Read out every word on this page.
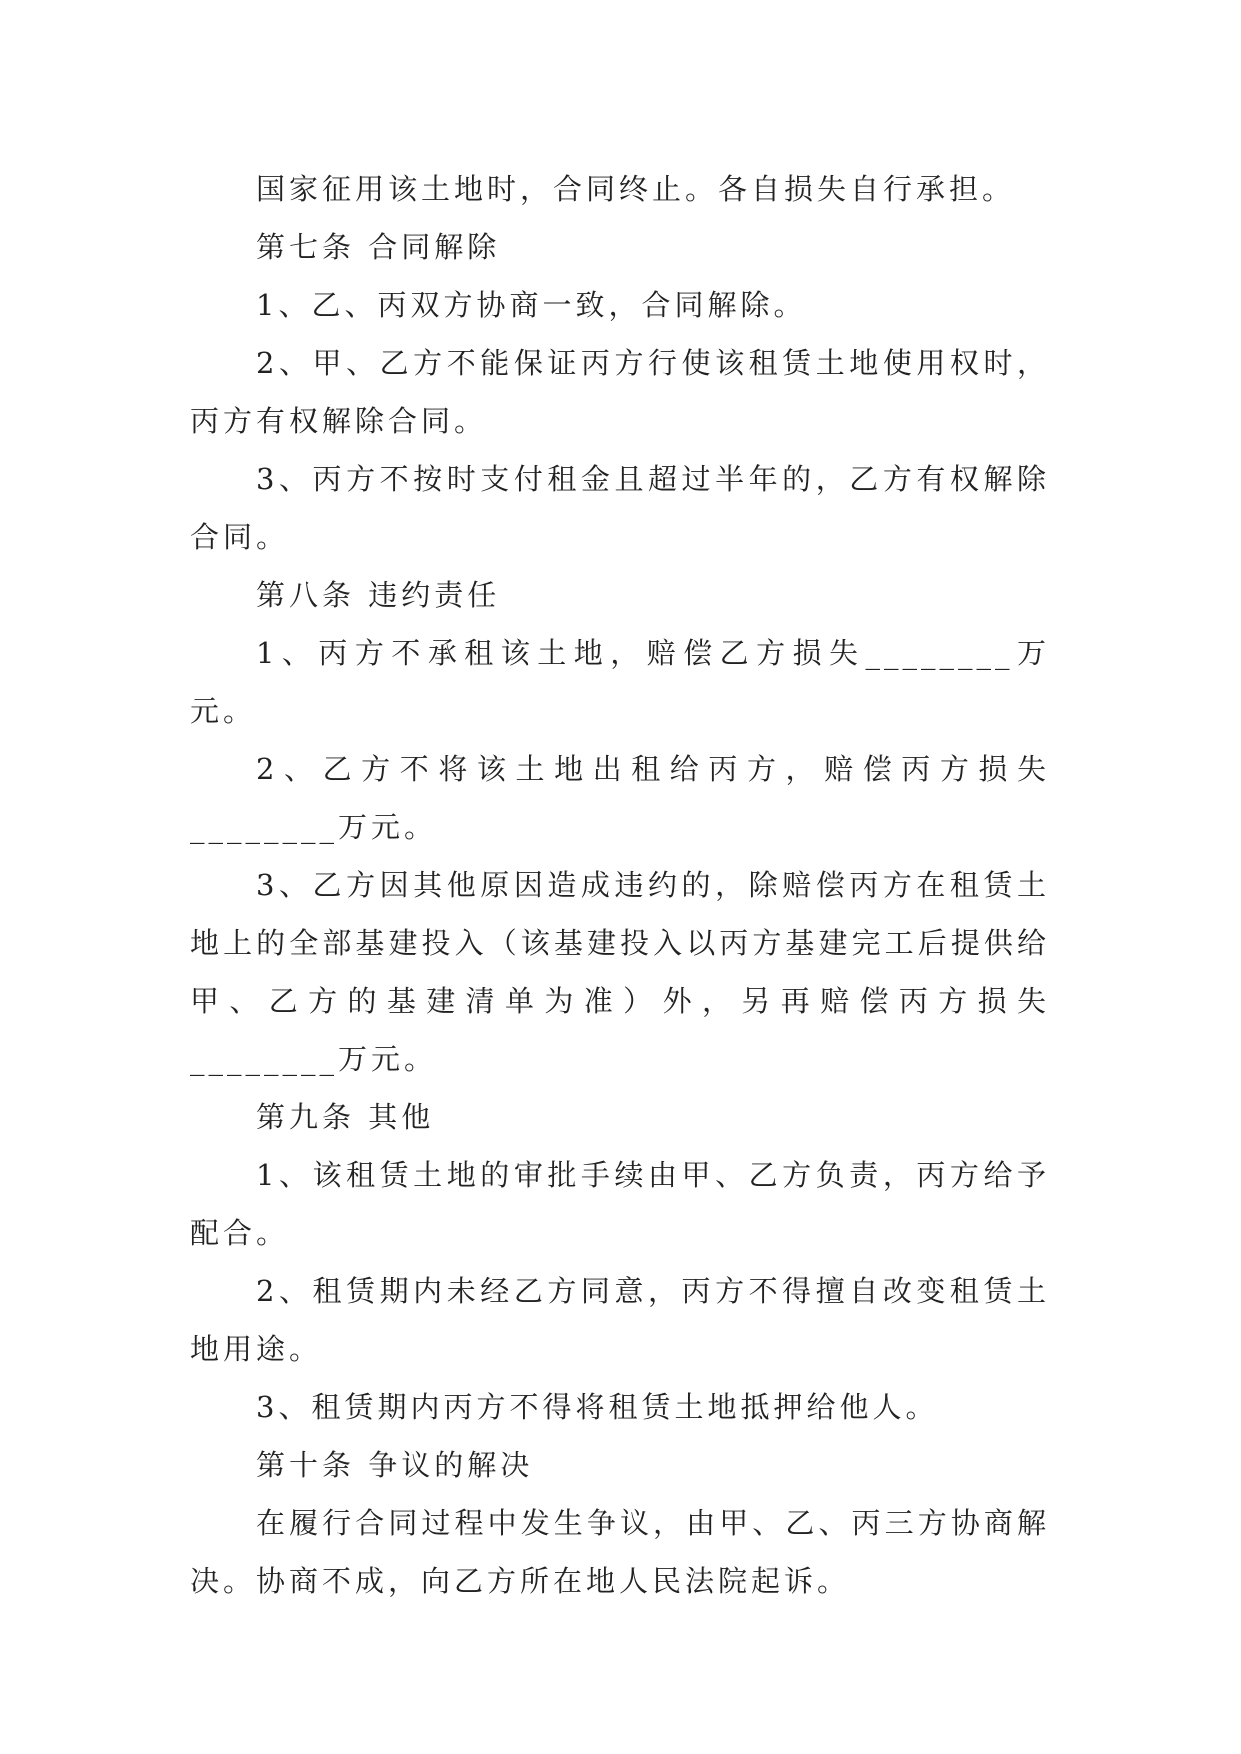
国家征用该土地时，合同终止。各自损失自行承担。

第七条 合同解除

1、乙、丙双方协商一致，合同解除。

2、甲、乙方不能保证丙方行使该租赁土地使用权时，丙方有权解除合同。

3、丙方不按时支付租金且超过半年的，乙方有权解除合同。

第八条 违约责任

1、丙方不承租该土地，赔偿乙方损失________万元。

2、乙方不将该土地出租给丙方，赔偿丙方损失________万元。

3、乙方因其他原因造成违约的，除赔偿丙方在租赁土地上的全部基建投入（该基建投入以丙方基建完工后提供给甲、乙方的基建清单为准）外，另再赔偿丙方损失________万元。

第九条 其他

1、该租赁土地的审批手续由甲、乙方负责，丙方给予配合。

2、租赁期内未经乙方同意，丙方不得擅自改变租赁土地用途。

3、租赁期内丙方不得将租赁土地抵押给他人。

第十条 争议的解决

在履行合同过程中发生争议，由甲、乙、丙三方协商解决。协商不成，向乙方所在地人民法院起诉。
